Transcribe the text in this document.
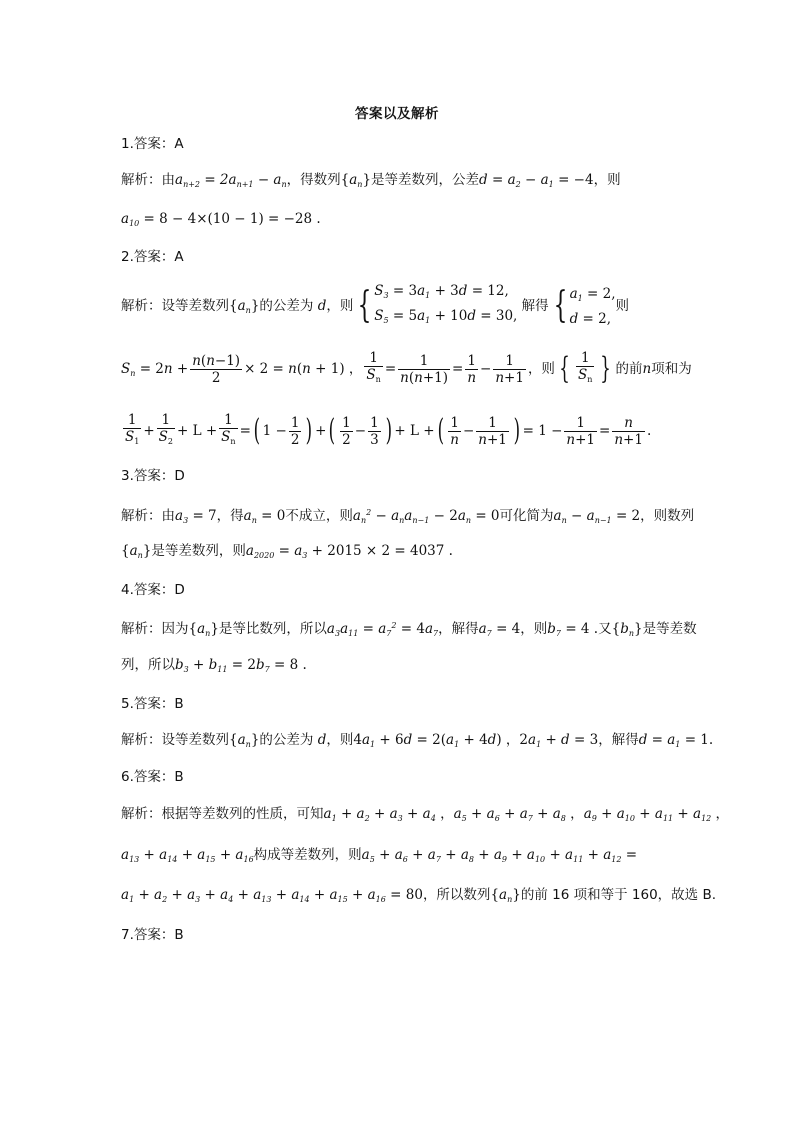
答案以及解析
1.答案：A
解析：由$a_{n+2} = 2a_{n+1} - a_n$，得数列$\{a_n\}$是等差数列，公差$d = a_2 - a_1 = -4$，则
$a_{10} = 8 - 4\times(10 - 1) = -28$ .
2.答案：A
解析：设等差数列$\{a_n\}$的公差为 d，则 { $S_3 = 3a_1 + 3d = 12$,
$S_5 = 5a_1 + 10d = 30$, 解得 { $a_1 = 2$,
d = 2,则
$S_n = 2n + \frac{n(n-1)}{2} \times 2 = n(n + 1)$ ， $\frac{1}{S_n} = \frac{1}{n(n+1)} = \frac{1}{n} - \frac{1}{n+1}$ ，则 { $\frac{1}{S_n}$ } 的前n项和为
$\frac{1}{S_1} + \frac{1}{S_2} + L + \frac{1}{S_n}$ =( $1 - \frac{1}{2}$ ) +( $\frac{1}{2} - \frac{1}{3}$ ) + L +( $\frac{1}{n} - \frac{1}{n+1}$ ) = $1 - \frac{1}{n+1} = \frac{n}{n+1}$ .
3.答案：D
解析：由$a_3 = 7$，得$a_n = 0$不成立，则$a_n^2 - a_na_{n-1} - 2a_n = 0$可化简为$a_n - a_{n-1} = 2$，则数列
$\{a_n\}$是等差数列，则$a_{2020} = a_3 + 2015 \times 2 = 4037$ .
4.答案：D
解析：因为$\{a_n\}$是等比数列，所以$a_3a_{11} = a_7^2 = 4a_7$，解得$a_7 = 4$，则$b_7 = 4$ .又$\{b_n\}$是等差数
列，所以$b_3 + b_{11} = 2b_7 = 8$ .
5.答案：B
解析：设等差数列$\{a_n\}$的公差为 d，则$4a_1 + 6d = 2(a_1 + 4d)$ ，$2a_1 + d = 3$，解得$d = a_1 = 1$.
6.答案：B
解析：根据等差数列的性质，可知$a_1 + a_2 + a_3 + a_4$ ，$a_5 + a_6 + a_7 + a_8$ ，$a_9 + a_{10} + a_{11} + a_{12}$ ，
$a_{13} + a_{14} + a_{15} + a_{16}$构成等差数列，则$a_5 + a_6 + a_7 + a_8 + a_9 + a_{10} + a_{11} + a_{12}$ =
$a_1 + a_2 + a_3 + a_4 + a_{13} + a_{14} + a_{15} + a_{16} = 80$，所以数列$\{a_n\}$的前 16 项和等于 160，故选 B.
7.答案：B
